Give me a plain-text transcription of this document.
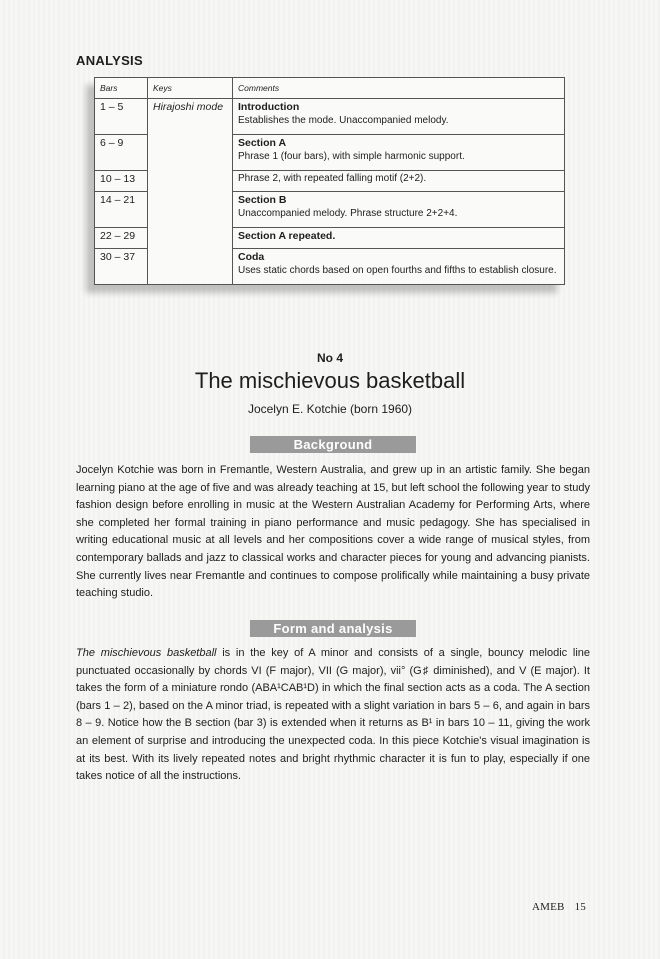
ANALYSIS
Bars	Keys	Comments
1 – 5	Hirajoshi mode	Introduction
Establishes the mode. Unaccompanied melody.

6 – 9		Section A
Phrase 1 (four bars), with simple harmonic support.

10 – 13		Phrase 2, with repeated falling motif (2+2).

14 – 21		Section B
Unaccompanied melody. Phrase structure 2+2+4.

22 – 29		Section A repeated.

30 – 37		Coda
Uses static chords based on open fourths and fifths to establish closure.
No 4
The mischievous basketball
Jocelyn E. Kotchie (born 1960)
Background
Jocelyn Kotchie was born in Fremantle, Western Australia, and grew up in an artistic family. She began learning piano at the age of five and was already teaching at 15, but left school the following year to study fashion design before enrolling in music at the Western Australian Academy for Performing Arts, where she completed her formal training in piano performance and music pedagogy. She has specialised in writing educational music at all levels and her compositions cover a wide range of musical styles, from contemporary ballads and jazz to classical works and character pieces for young and advancing pianists. She currently lives near Fremantle and continues to compose prolifically while maintaining a busy private teaching studio.
Form and analysis
The mischievous basketball is in the key of A minor and consists of a single, bouncy melodic line punctuated occasionally by chords VI (F major), VII (G major), vii° (G♯ diminished), and V (E major). It takes the form of a miniature rondo (ABA¹CAB¹D) in which the final section acts as a coda. The A section (bars 1 – 2), based on the A minor triad, is repeated with a slight variation in bars 5 – 6, and again in bars 8 – 9. Notice how the B section (bar 3) is extended when it returns as B¹ in bars 10 – 11, giving the work an element of surprise and introducing the unexpected coda. In this piece Kotchie's visual imagination is at its best. With its lively repeated notes and bright rhythmic character it is fun to play, especially if one takes notice of all the instructions.
AMEB 15
